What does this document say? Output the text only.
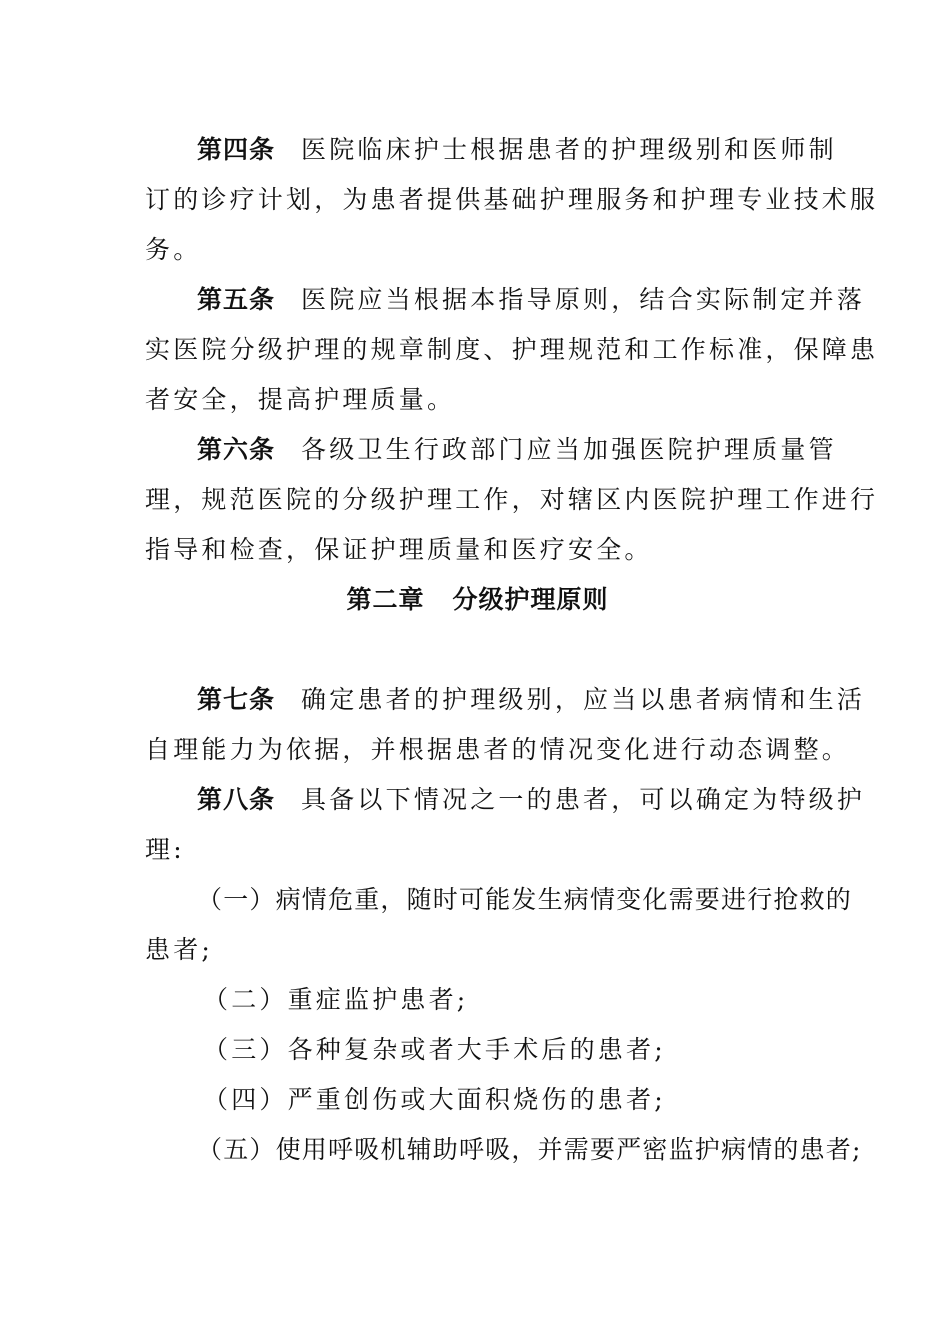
第四条 医院临床护士根据患者的护理级别和医师制
订的诊疗计划，为患者提供基础护理服务和护理专业技术服
务。
第五条 医院应当根据本指导原则，结合实际制定并落
实医院分级护理的规章制度、护理规范和工作标准，保障患
者安全，提高护理质量。
第六条 各级卫生行政部门应当加强医院护理质量管
理，规范医院的分级护理工作，对辖区内医院护理工作进行
指导和检查，保证护理质量和医疗安全。
第二章 分级护理原则
第七条 确定患者的护理级别，应当以患者病情和生活
自理能力为依据，并根据患者的情况变化进行动态调整。
第八条 具备以下情况之一的患者，可以确定为特级护
理:
（一）病情危重，随时可能发生病情变化需要进行抢救的
患者;
（二）重症监护患者;
（三）各种复杂或者大手术后的患者;
（四）严重创伤或大面积烧伤的患者;
（五）使用呼吸机辅助呼吸，并需要严密监护病情的患者;
